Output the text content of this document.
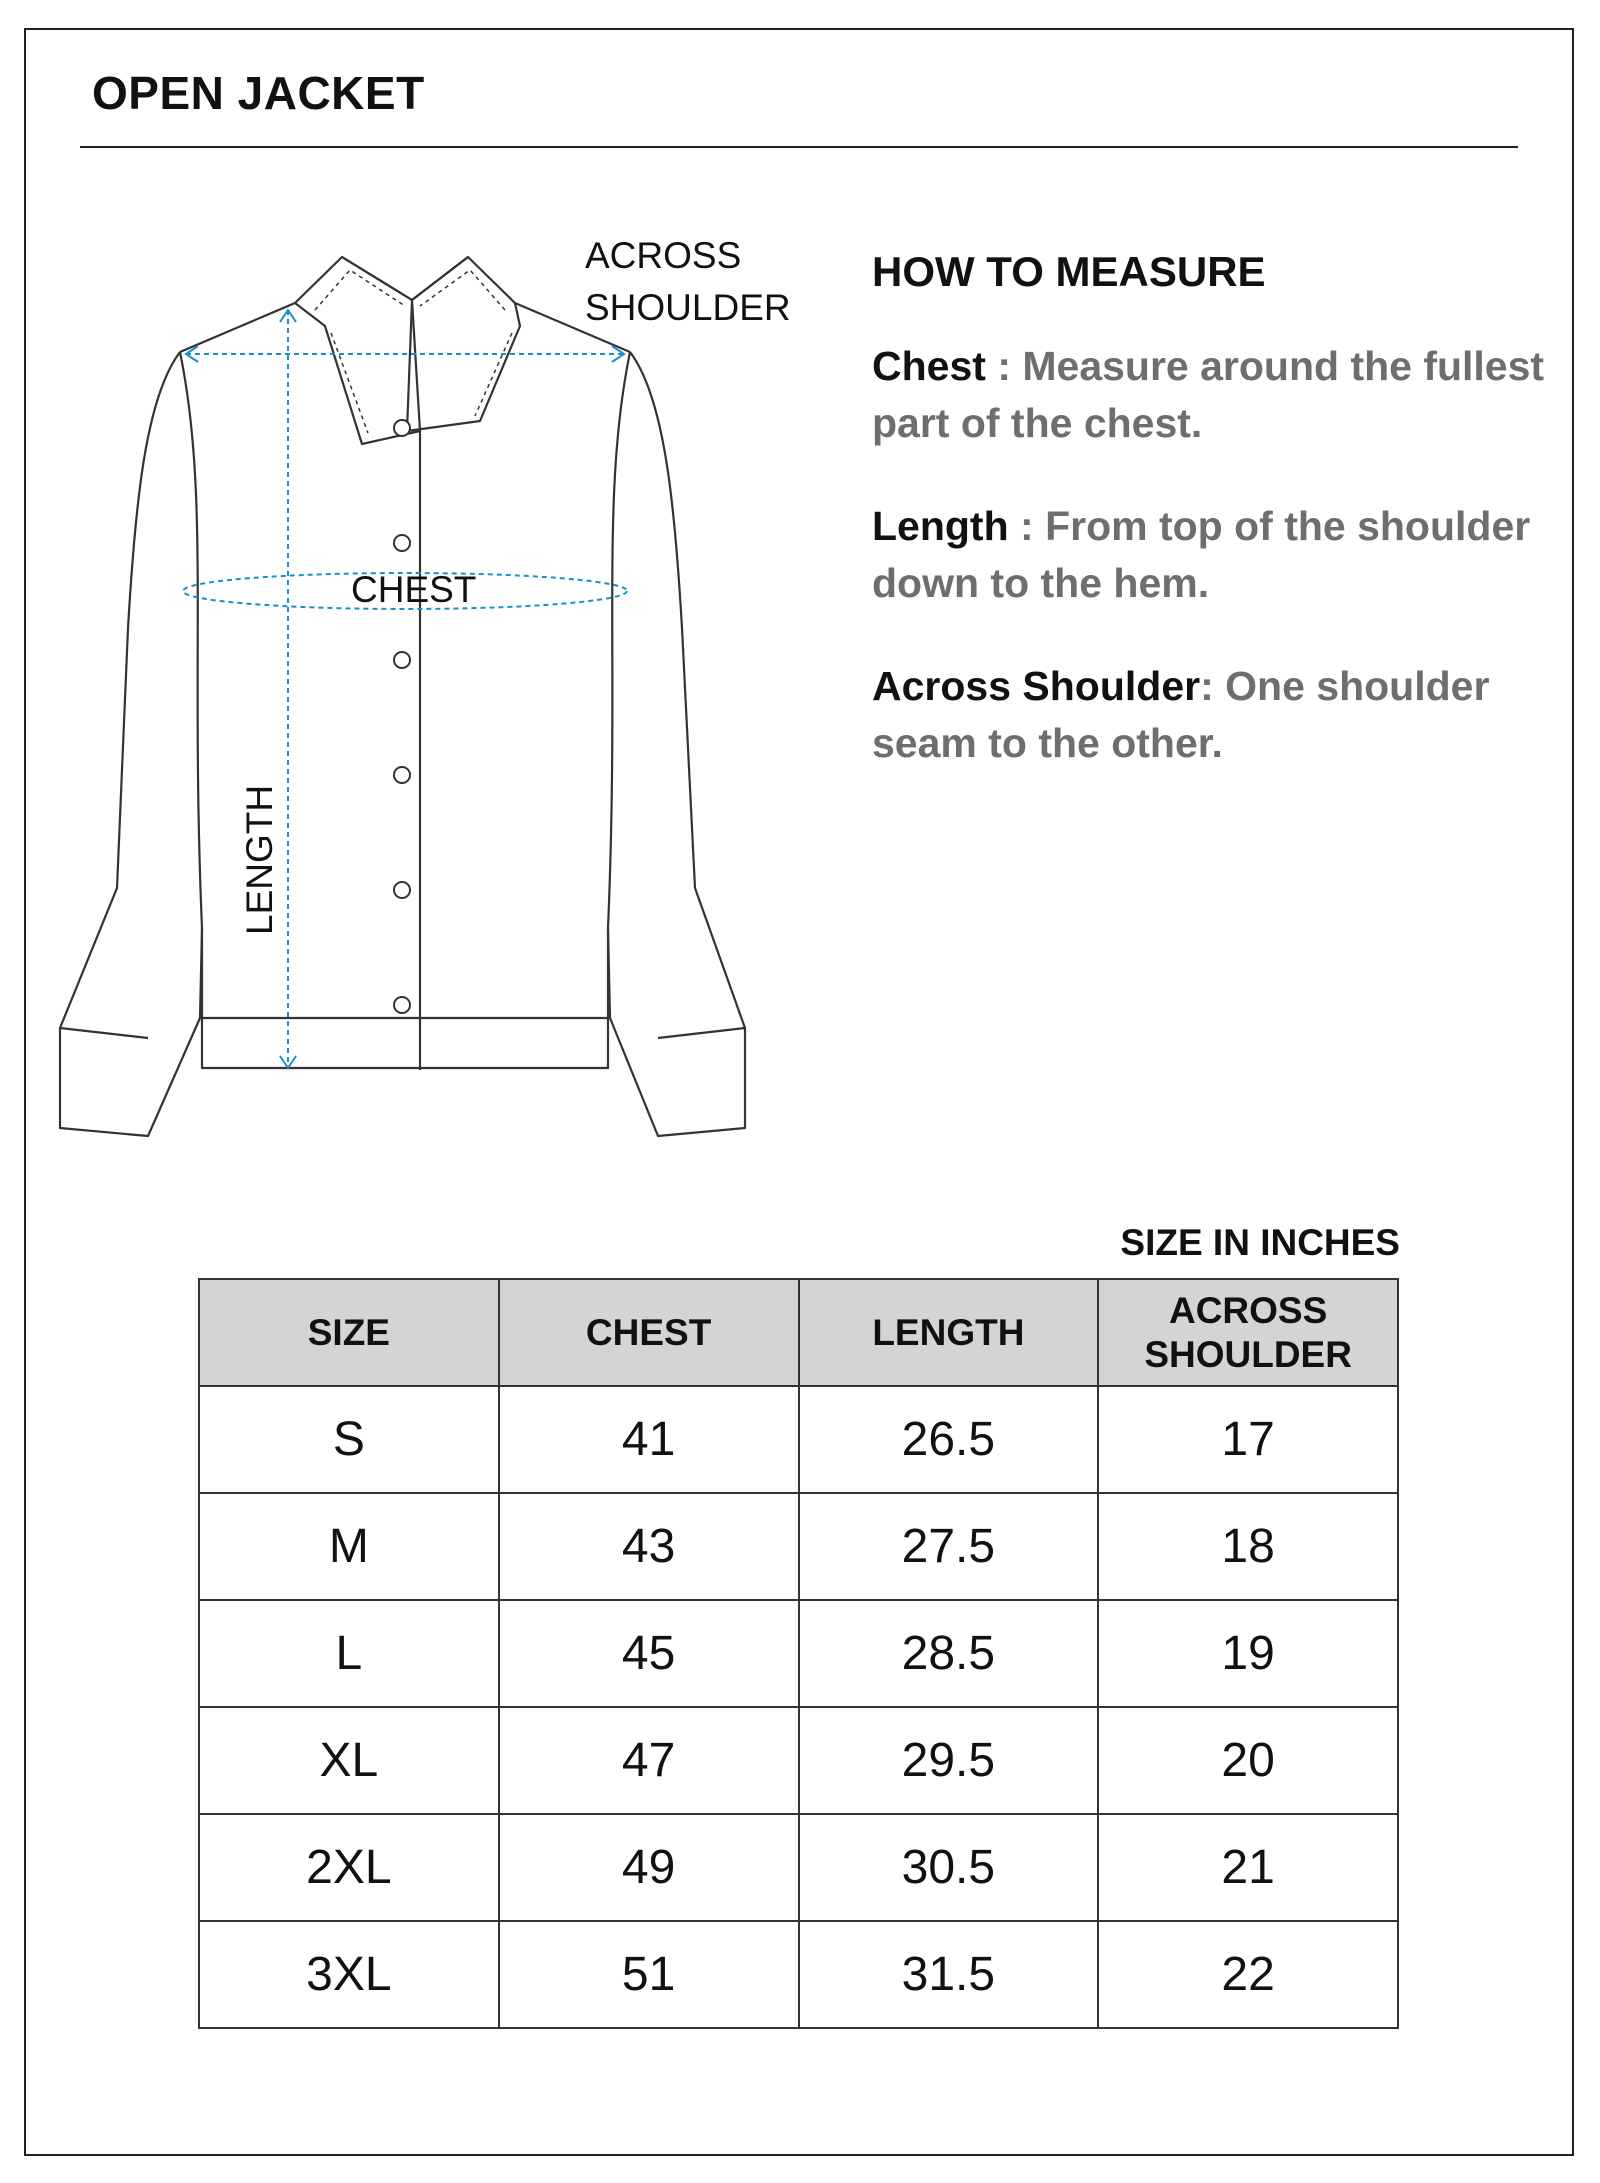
OPEN JACKET
ACROSS
SHOULDER
CHEST
LENGTH
HOW TO MEASURE
Chest : Measure around the fullest part of the chest.
Length : From top of the shoulder down to the hem.
Across Shoulder: One shoulder seam to the other.
SIZE IN INCHES
SIZE	CHEST	LENGTH	ACROSS
SHOULDER

S	41	26.5	17
M	43	27.5	18
L	45	28.5	19
XL	47	29.5	20
2XL	49	30.5	21
3XL	51	31.5	22
